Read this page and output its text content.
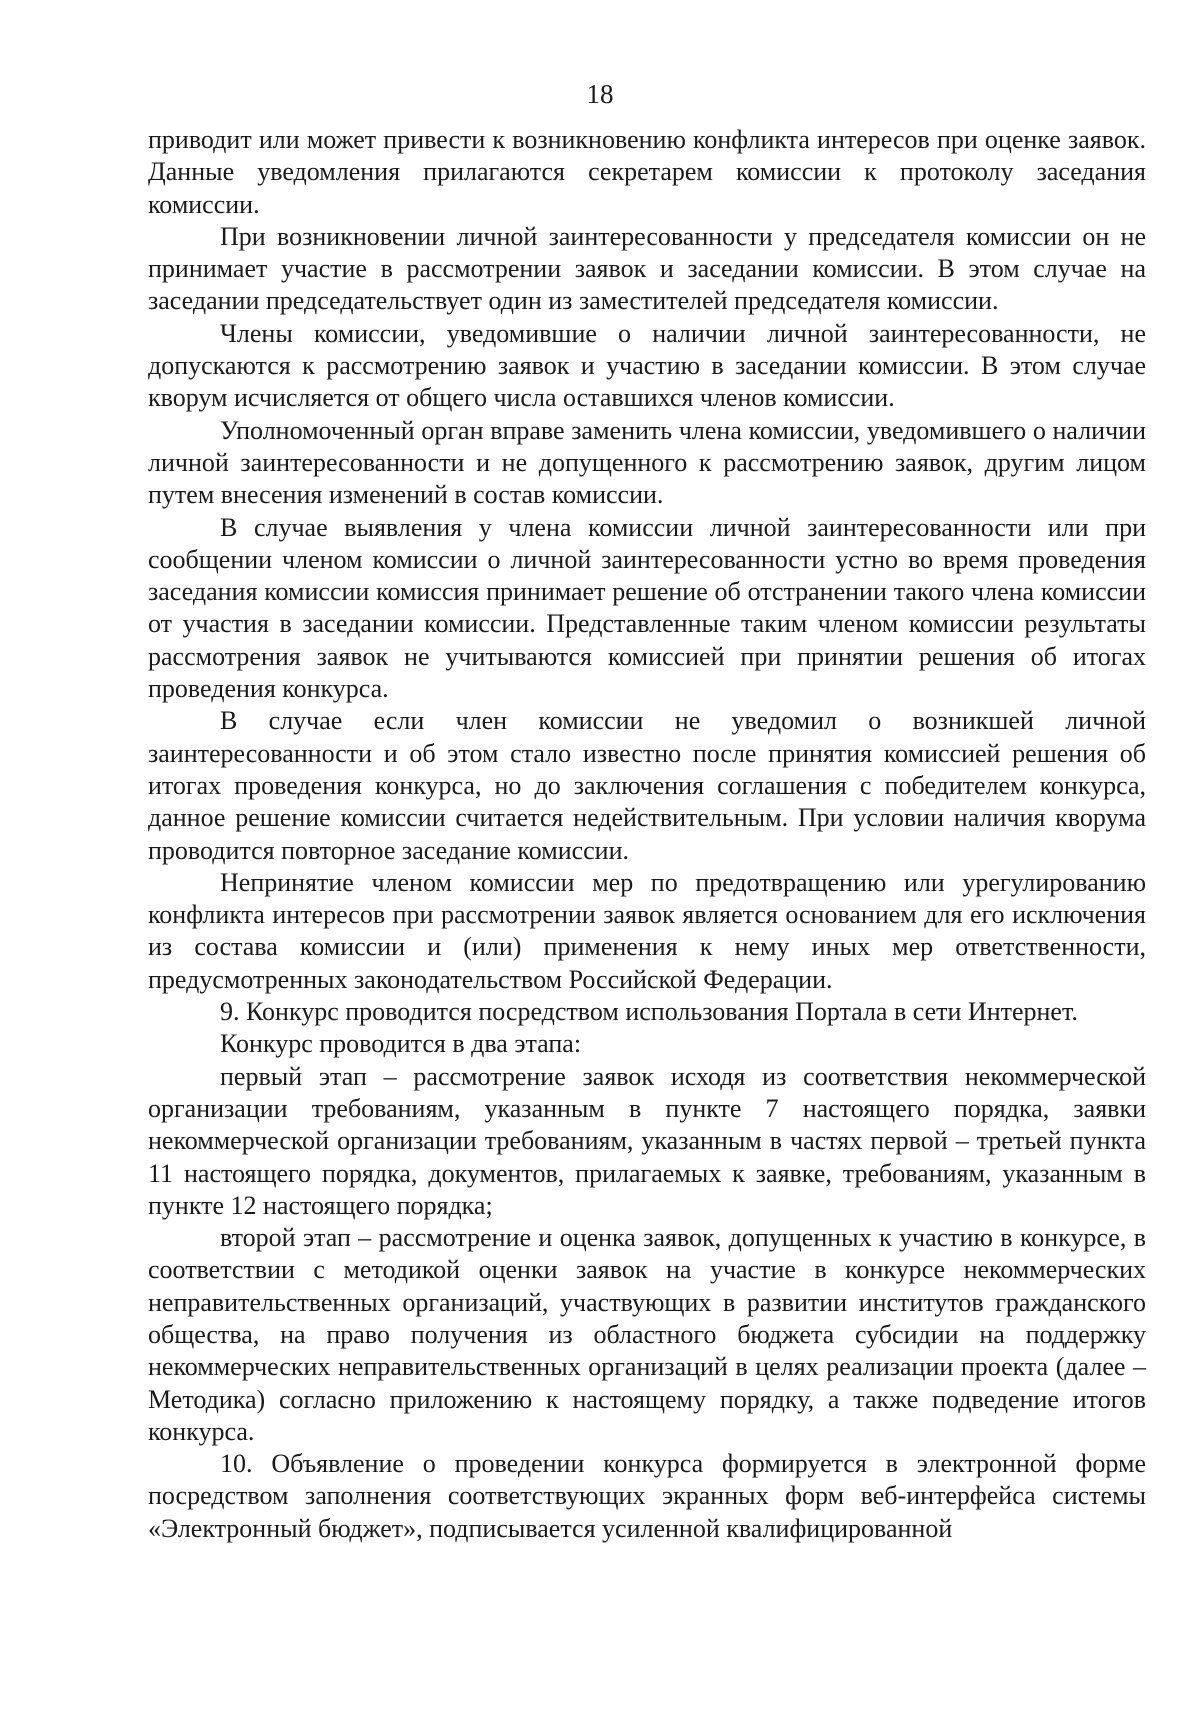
18

приводит или может привести к возникновению конфликта интересов при оценке заявок. Данные уведомления прилагаются секретарем комиссии к протоколу заседания комиссии.

При возникновении личной заинтересованности у председателя комиссии он не принимает участие в рассмотрении заявок и заседании комиссии. В этом случае на заседании председательствует один из заместителей председателя комиссии.

Члены комиссии, уведомившие о наличии личной заинтересованности, не допускаются к рассмотрению заявок и участию в заседании комиссии. В этом случае кворум исчисляется от общего числа оставшихся членов комиссии.

Уполномоченный орган вправе заменить члена комиссии, уведомившего о наличии личной заинтересованности и не допущенного к рассмотрению заявок, другим лицом путем внесения изменений в состав комиссии.

В случае выявления у члена комиссии личной заинтересованности или при сообщении членом комиссии о личной заинтересованности устно во время проведения заседания комиссии комиссия принимает решение об отстранении такого члена комиссии от участия в заседании комиссии. Представленные таким членом комиссии результаты рассмотрения заявок не учитываются комиссией при принятии решения об итогах проведения конкурса.

В случае если член комиссии не уведомил о возникшей личной заинтересованности и об этом стало известно после принятия комиссией решения об итогах проведения конкурса, но до заключения соглашения с победителем конкурса, данное решение комиссии считается недействительным. При условии наличия кворума проводится повторное заседание комиссии.

Непринятие членом комиссии мер по предотвращению или урегулированию конфликта интересов при рассмотрении заявок является основанием для его исключения из состава комиссии и (или) применения к нему иных мер ответственности, предусмотренных законодательством Российской Федерации.

9. Конкурс проводится посредством использования Портала в сети Интернет.

Конкурс проводится в два этапа:

первый этап – рассмотрение заявок исходя из соответствия некоммерческой организации требованиям, указанным в пункте 7 настоящего порядка, заявки некоммерческой организации требованиям, указанным в частях первой – третьей пункта 11 настоящего порядка, документов, прилагаемых к заявке, требованиям, указанным в пункте 12 настоящего порядка;

второй этап – рассмотрение и оценка заявок, допущенных к участию в конкурсе, в соответствии с методикой оценки заявок на участие в конкурсе некоммерческих неправительственных организаций, участвующих в развитии институтов гражданского общества, на право получения из областного бюджета субсидии на поддержку некоммерческих неправительственных организаций в целях реализации проекта (далее – Методика) согласно приложению к настоящему порядку, а также подведение итогов конкурса.

10. Объявление о проведении конкурса формируется в электронной форме посредством заполнения соответствующих экранных форм веб-интерфейса системы «Электронный бюджет», подписывается усиленной квалифицированной
